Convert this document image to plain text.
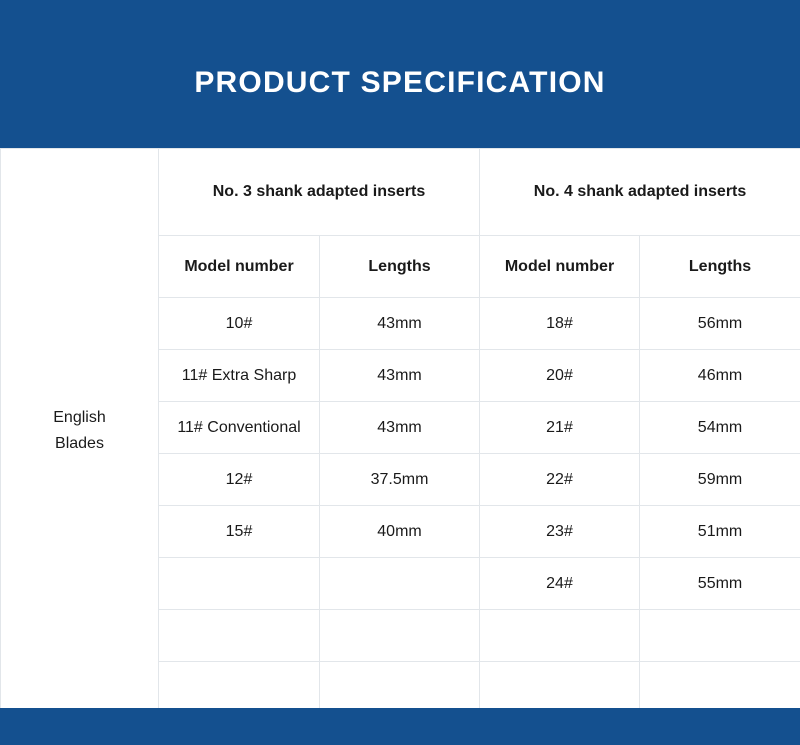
PRODUCT SPECIFICATION
English
Blades	No. 3 shank adapted inserts		No. 4 shank adapted inserts	
	Model number	Lengths	Model number	Lengths
	10#	43mm	18#	56mm
	11# Extra Sharp	43mm	20#	46mm
	11# Conventional	43mm	21#	54mm
	12#	37.5mm	22#	59mm
	15#	40mm	23#	51mm
			24#	55mm
